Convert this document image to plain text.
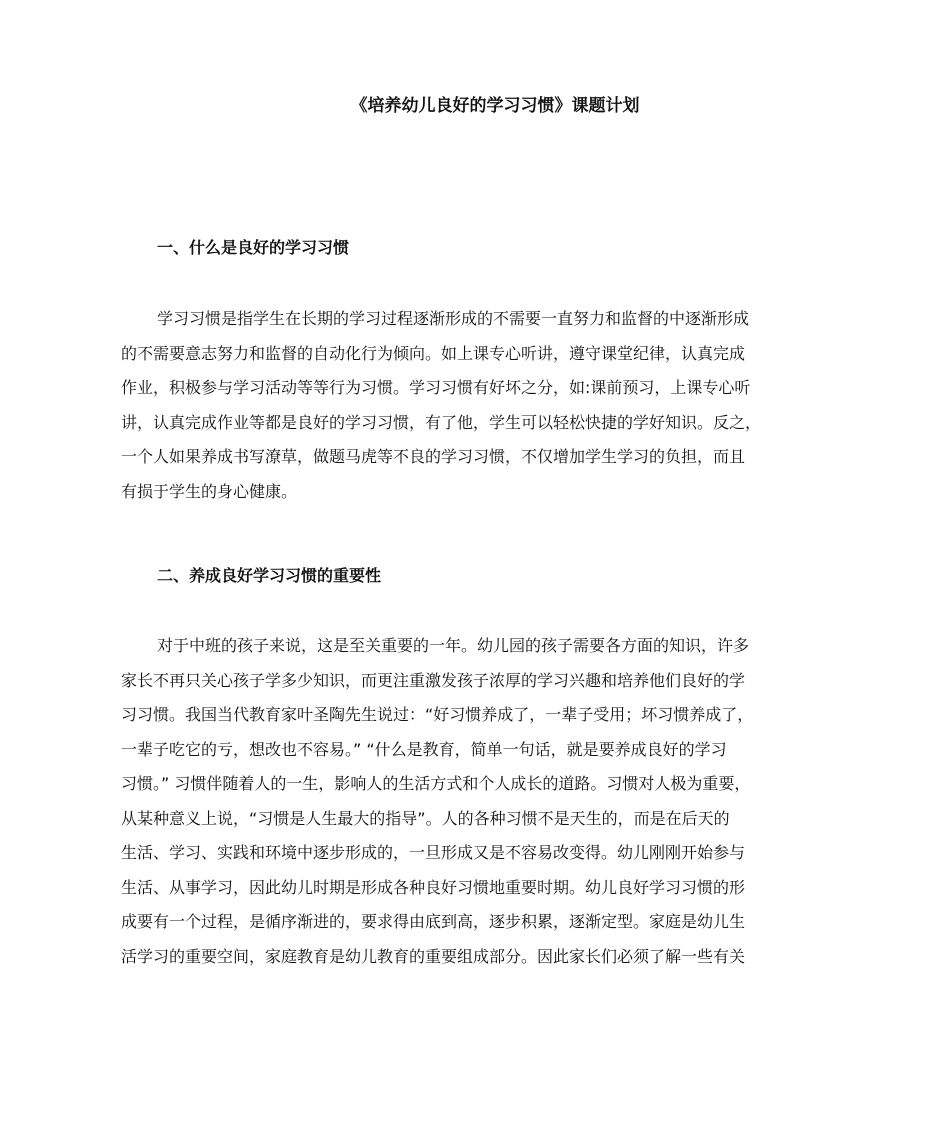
《培养幼儿良好的学习习惯》课题计划
一、什么是良好的学习习惯
学习习惯是指学生在长期的学习过程逐渐形成的不需要一直努力和监督的中逐渐形成
的不需要意志努力和监督的自动化行为倾向。如上课专心听讲，遵守课堂纪律，认真完成
作业，积极参与学习活动等等行为习惯。学习习惯有好坏之分，如:课前预习，上课专心听
讲，认真完成作业等都是良好的学习习惯，有了他，学生可以轻松快捷的学好知识。反之，
一个人如果养成书写潦草，做题马虎等不良的学习习惯，不仅增加学生学习的负担，而且
有损于学生的身心健康。
二、养成良好学习习惯的重要性
对于中班的孩子来说，这是至关重要的一年。幼儿园的孩子需要各方面的知识，许多
家长不再只关心孩子学多少知识，而更注重激发孩子浓厚的学习兴趣和培养他们良好的学
习习惯。我国当代教育家叶圣陶先生说过：“好习惯养成了，一辈子受用；坏习惯养成了，
一辈子吃它的亏，想改也不容易。” “什么是教育，简单一句话，就是要养成良好的学习
习惯。” 习惯伴随着人的一生，影响人的生活方式和个人成长的道路。习惯对人极为重要，
从某种意义上说，“习惯是人生最大的指导”。人的各种习惯不是天生的，而是在后天的
生活、学习、实践和环境中逐步形成的，一旦形成又是不容易改变得。幼儿刚刚开始参与
生活、从事学习，因此幼儿时期是形成各种良好习惯地重要时期。幼儿良好学习习惯的形
成要有一个过程，是循序渐进的，要求得由底到高，逐步积累，逐渐定型。家庭是幼儿生
活学习的重要空间，家庭教育是幼儿教育的重要组成部分。因此家长们必须了解一些有关
